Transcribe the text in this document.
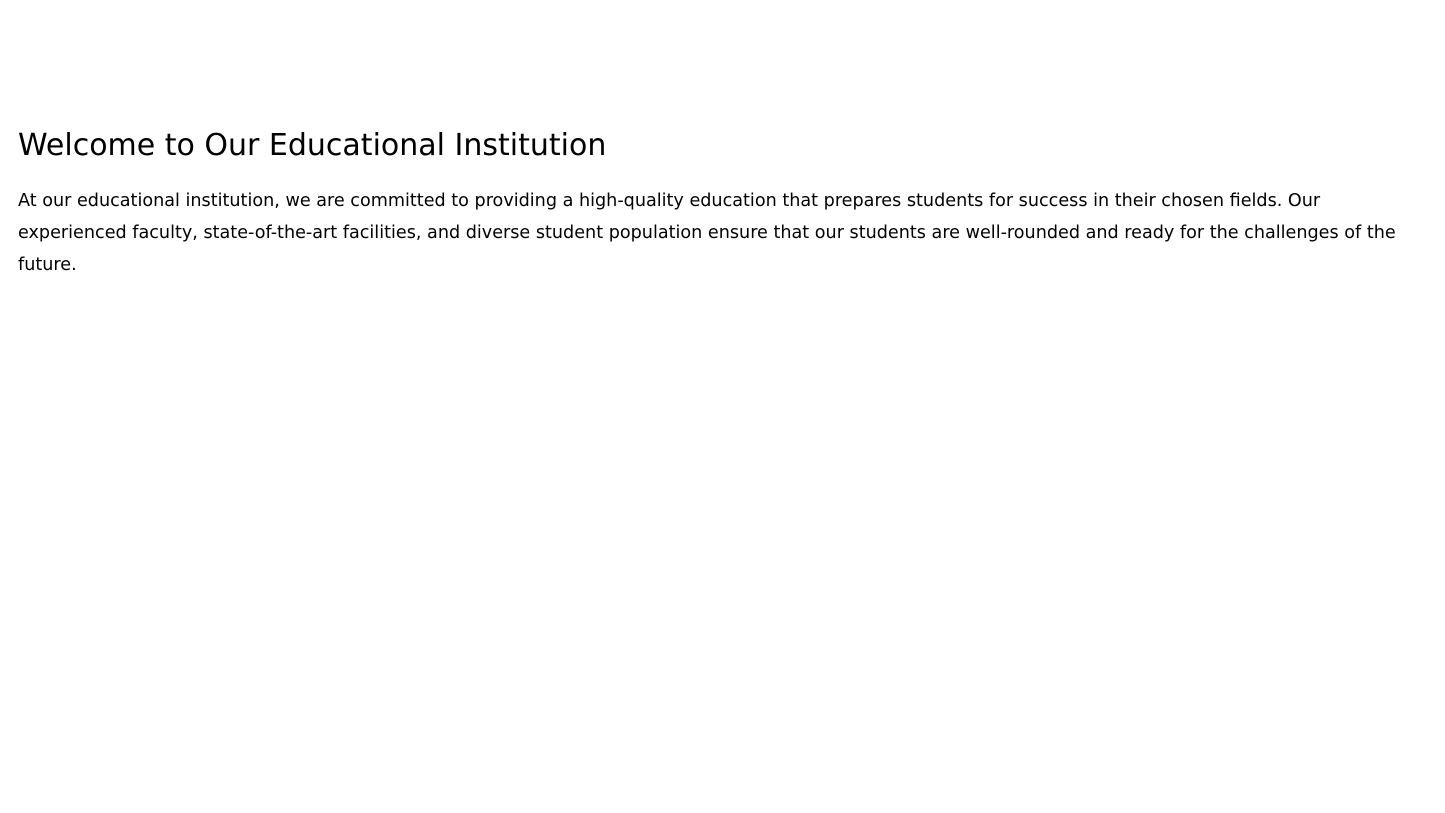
Welcome to Our Educational Institution

At our educational institution, we are committed to providing a high-quality education that prepares students for success in their chosen fields. Our experienced faculty, state-of-the-art facilities, and diverse student population ensure that our students are well-rounded and ready for the challenges of the future.
